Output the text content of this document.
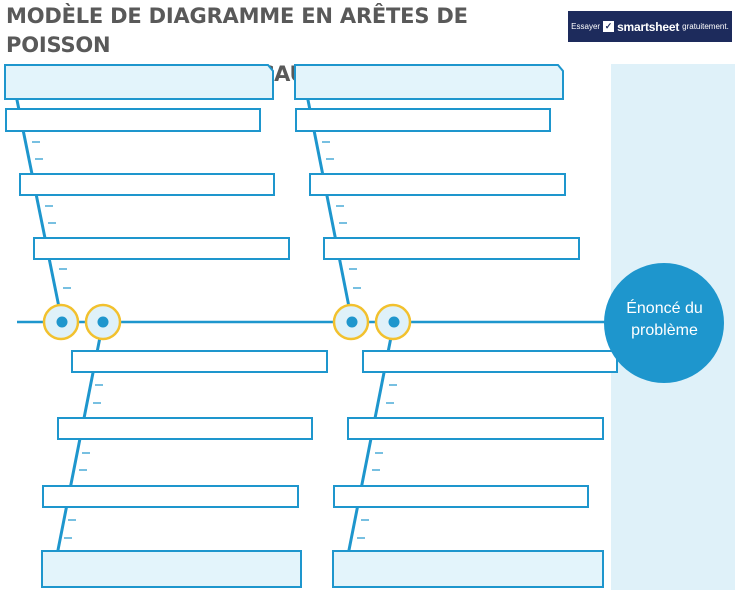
MODÈLE DE DIAGRAMME EN ARÊTES DE POISSON
Essayer ✓ smartsheet gratuitement.
Énoncé du
problème
